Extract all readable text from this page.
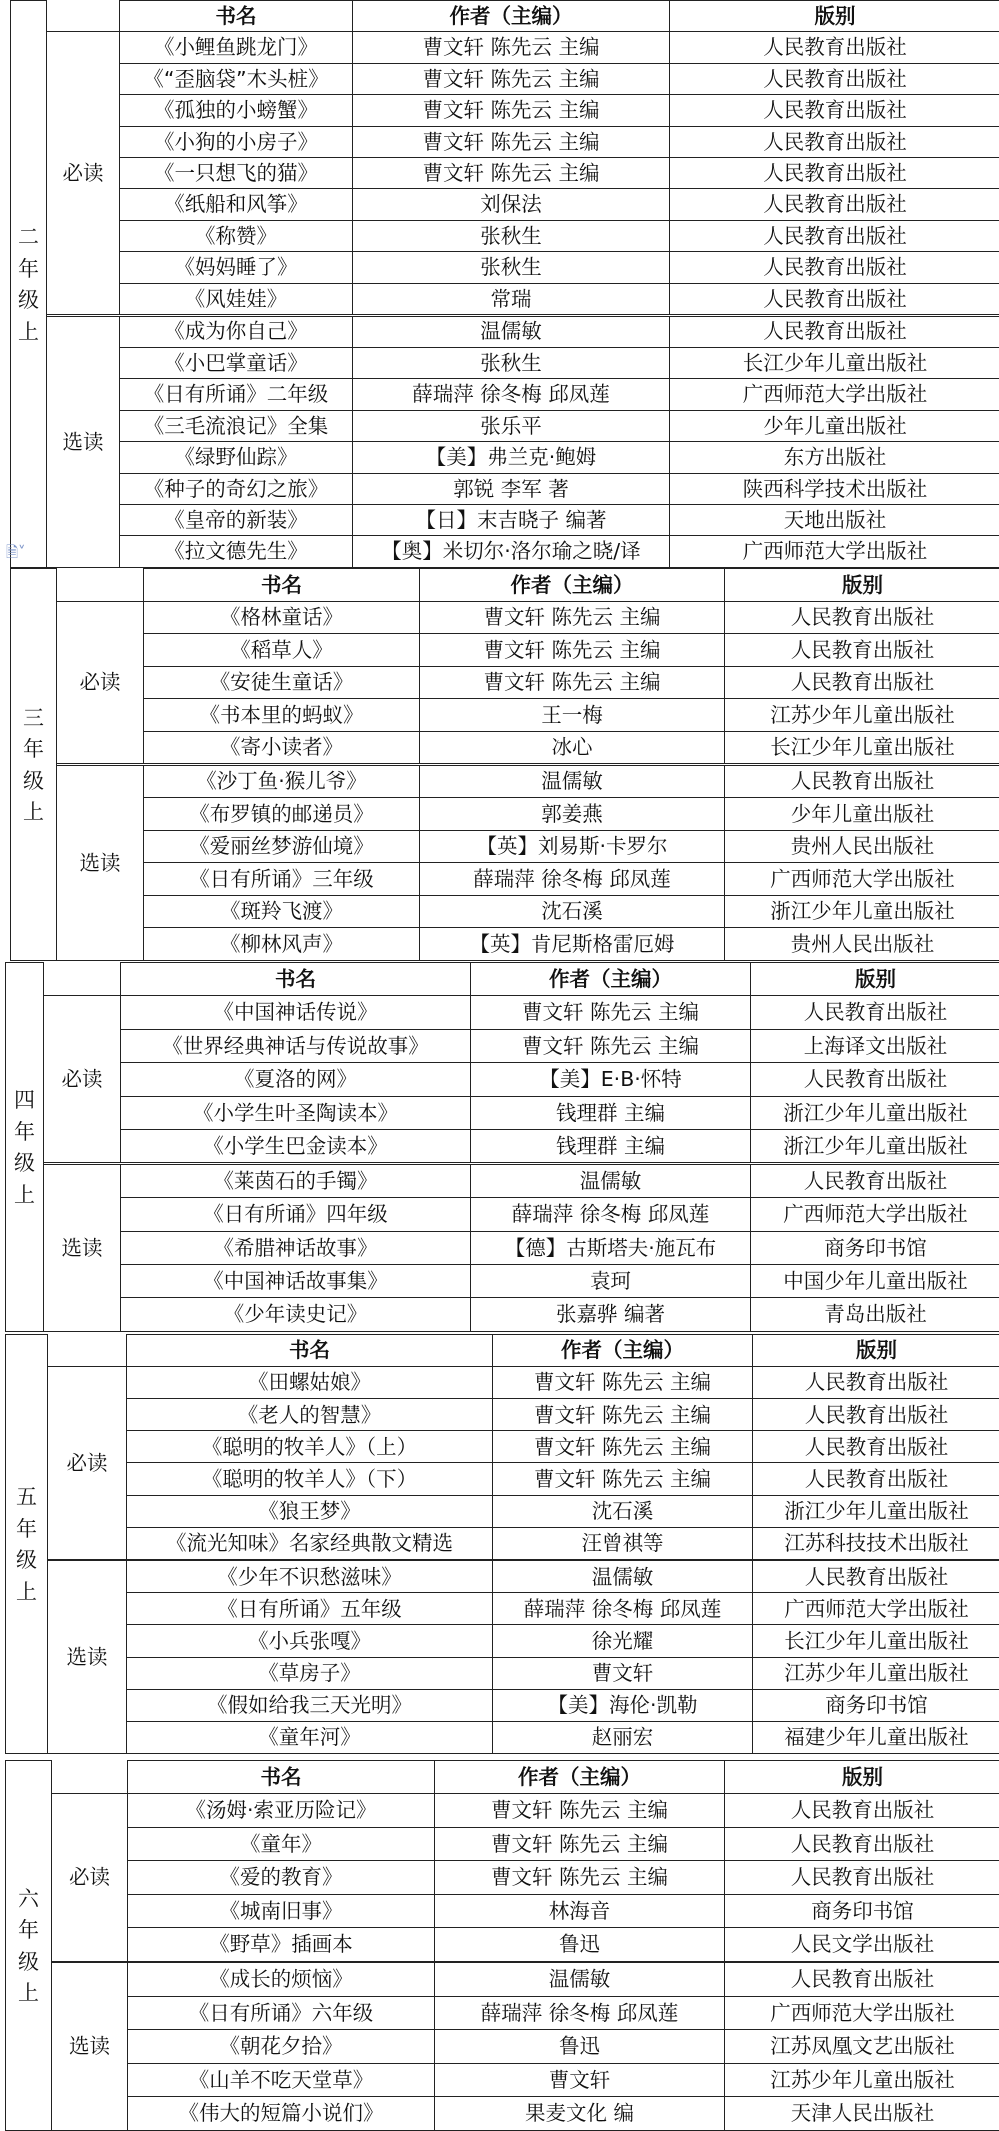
二
年
级
上		书名	作者（主编）	版别
	必读	《小鲤鱼跳龙门》	曹文轩 陈先云 主编	人民教育出版社
		《“歪脑袋”木头桩》	曹文轩 陈先云 主编	人民教育出版社
		《孤独的小螃蟹》	曹文轩 陈先云 主编	人民教育出版社
		《小狗的小房子》	曹文轩 陈先云 主编	人民教育出版社
		《一只想飞的猫》	曹文轩 陈先云 主编	人民教育出版社
		《纸船和风筝》	刘保法	人民教育出版社
		《称赞》	张秋生	人民教育出版社
		《妈妈睡了》	张秋生	人民教育出版社
		《风娃娃》	常瑞	人民教育出版社

	选读	《成为你自己》	温儒敏	人民教育出版社
		《小巴掌童话》	张秋生	长江少年儿童出版社
		《日有所诵》二年级	薛瑞萍 徐冬梅 邱凤莲	广西师范大学出版社
		《三毛流浪记》全集	张乐平	少年儿童出版社
		《绿野仙踪》	【美】弗兰克·鲍姆	东方出版社
		《种子的奇幻之旅》	郭锐 李军 著	陕西科学技术出版社
		《皇帝的新装》	【日】末吉晓子 编著	天地出版社
		《拉文德先生》	【奥】米切尔·洛尔瑜之晓/译	广西师范大学出版社
三
年
级
上		书名	作者（主编）	版别
	必读	《格林童话》	曹文轩 陈先云 主编	人民教育出版社
		《稻草人》	曹文轩 陈先云 主编	人民教育出版社
		《安徒生童话》	曹文轩 陈先云 主编	人民教育出版社
		《书本里的蚂蚁》	王一梅	江苏少年儿童出版社
		《寄小读者》	冰心	长江少年儿童出版社

	选读	《沙丁鱼·猴儿爷》	温儒敏	人民教育出版社
		《布罗镇的邮递员》	郭姜燕	少年儿童出版社
		《爱丽丝梦游仙境》	【英】刘易斯·卡罗尔	贵州人民出版社
		《日有所诵》三年级	薛瑞萍 徐冬梅 邱凤莲	广西师范大学出版社
		《斑羚飞渡》	沈石溪	浙江少年儿童出版社
		《柳林风声》	【英】肯尼斯格雷厄姆	贵州人民出版社
四
年
级
上		书名	作者（主编）	版别
	必读	《中国神话传说》	曹文轩 陈先云 主编	人民教育出版社
		《世界经典神话与传说故事》	曹文轩 陈先云 主编	上海译文出版社
		《夏洛的网》	【美】E·B·怀特	人民教育出版社
		《小学生叶圣陶读本》	钱理群 主编	浙江少年儿童出版社
		《小学生巴金读本》	钱理群 主编	浙江少年儿童出版社

	选读	《莱茵石的手镯》	温儒敏	人民教育出版社
		《日有所诵》四年级	薛瑞萍 徐冬梅 邱凤莲	广西师范大学出版社
		《希腊神话故事》	【德】古斯塔夫·施瓦布	商务印书馆
		《中国神话故事集》	袁珂	中国少年儿童出版社
		《少年读史记》	张嘉骅 编著	青岛出版社
五
年
级
上		书名	作者（主编）	版别
	必读	《田螺姑娘》	曹文轩 陈先云 主编	人民教育出版社
		《老人的智慧》	曹文轩 陈先云 主编	人民教育出版社
		《聪明的牧羊人》（上）	曹文轩 陈先云 主编	人民教育出版社
		《聪明的牧羊人》（下）	曹文轩 陈先云 主编	人民教育出版社
		《狼王梦》	沈石溪	浙江少年儿童出版社
		《流光知味》名家经典散文精选	汪曾祺等	江苏科技技术出版社

	选读	《少年不识愁滋味》	温儒敏	人民教育出版社
		《日有所诵》五年级	薛瑞萍 徐冬梅 邱凤莲	广西师范大学出版社
		《小兵张嘎》	徐光耀	长江少年儿童出版社
		《草房子》	曹文轩	江苏少年儿童出版社
		《假如给我三天光明》	【美】海伦·凯勒	商务印书馆
		《童年河》	赵丽宏	福建少年儿童出版社
六
年
级
上		书名	作者（主编）	版别
	必读	《汤姆·索亚历险记》	曹文轩 陈先云 主编	人民教育出版社
		《童年》	曹文轩 陈先云 主编	人民教育出版社
		《爱的教育》	曹文轩 陈先云 主编	人民教育出版社
		《城南旧事》	林海音	商务印书馆
		《野草》插画本	鲁迅	人民文学出版社

	选读	《成长的烦恼》	温儒敏	人民教育出版社
		《日有所诵》六年级	薛瑞萍 徐冬梅 邱凤莲	广西师范大学出版社
		《朝花夕拾》	鲁迅	江苏凤凰文艺出版社
		《山羊不吃天堂草》	曹文轩	江苏少年儿童出版社
		《伟大的短篇小说们》	果麦文化 编	天津人民出版社
🗎˅
